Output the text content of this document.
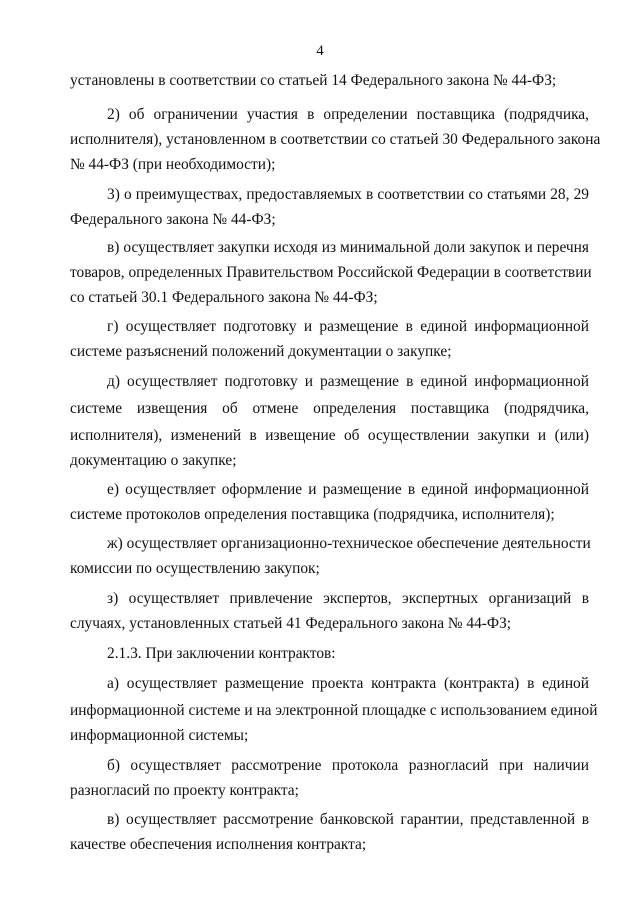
4
установлены в соответствии со статьей 14 Федерального закона № 44-ФЗ;
2) об ограничении участия в определении поставщика (подрядчика,
исполнителя), установленном в соответствии со статьей 30 Федерального закона
№ 44-ФЗ (при необходимости);
3) о преимуществах, предоставляемых в соответствии со статьями 28, 29
Федерального закона № 44-ФЗ;
в) осуществляет закупки исходя из минимальной доли закупок и перечня
товаров, определенных Правительством Российской Федерации в соответствии
со статьей 30.1 Федерального закона № 44-ФЗ;
г) осуществляет подготовку и размещение в единой информационной
системе разъяснений положений документации о закупке;
д) осуществляет подготовку и размещение в единой информационной
системе извещения об отмене определения поставщика (подрядчика,
исполнителя), изменений в извещение об осуществлении закупки и (или)
документацию о закупке;
е) осуществляет оформление и размещение в единой информационной
системе протоколов определения поставщика (подрядчика, исполнителя);
ж) осуществляет организационно-техническое обеспечение деятельности
комиссии по осуществлению закупок;
з) осуществляет привлечение экспертов, экспертных организаций в
случаях, установленных статьей 41 Федерального закона № 44-ФЗ;
2.1.3. При заключении контрактов:
а) осуществляет размещение проекта контракта (контракта) в единой
информационной системе и на электронной площадке с использованием единой
информационной системы;
б) осуществляет рассмотрение протокола разногласий при наличии
разногласий по проекту контракта;
в) осуществляет рассмотрение банковской гарантии, представленной в
качестве обеспечения исполнения контракта;
